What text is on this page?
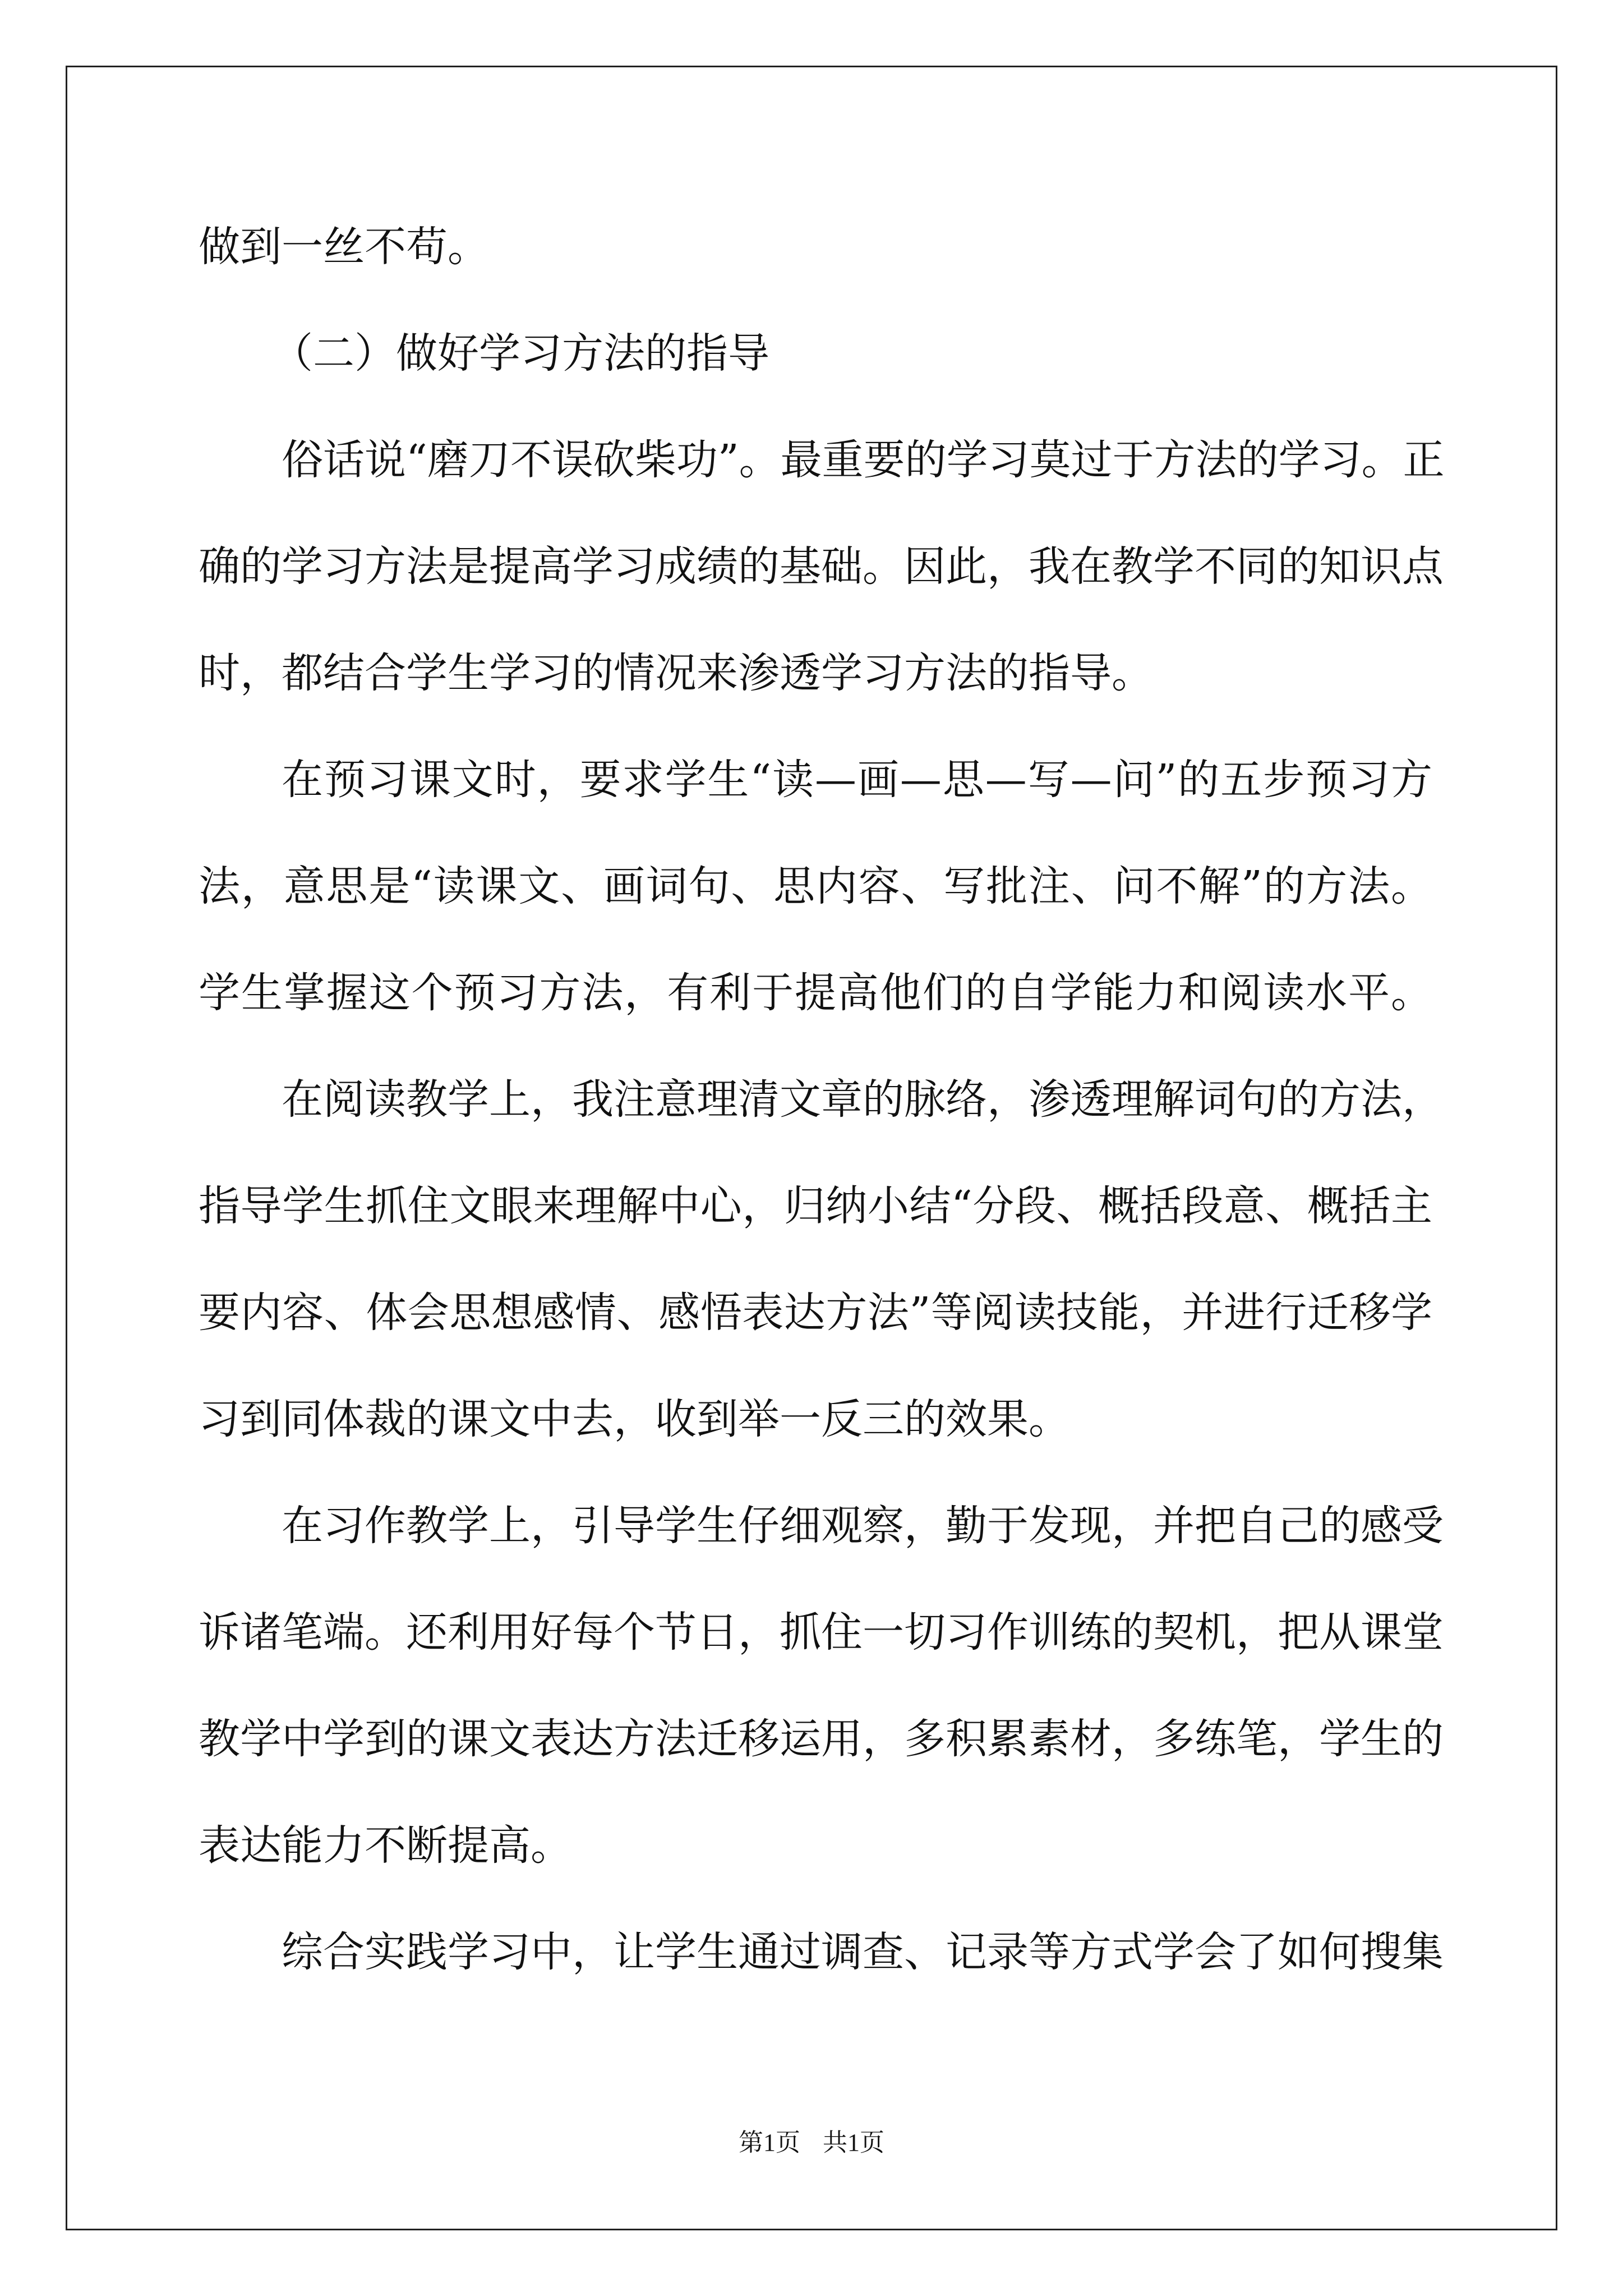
做到一丝不苟。
（二）做好学习方法的指导
俗话说“磨刀不误砍柴功”。最重要的学习莫过于方法的学习。正
确的学习方法是提高学习成绩的基础。因此，我在教学不同的知识点
时，都结合学生学习的情况来渗透学习方法的指导。
在预习课文时，要求学生“读—画—思—写—问”的五步预习方
法，意思是“读课文、画词句、思内容、写批注、问不解”的方法。
学生掌握这个预习方法，有利于提高他们的自学能力和阅读水平。
在阅读教学上，我注意理清文章的脉络，渗透理解词句的方法，
指导学生抓住文眼来理解中心，归纳小结“分段、概括段意、概括主
要内容、体会思想感情、感悟表达方法”等阅读技能，并进行迁移学
习到同体裁的课文中去，收到举一反三的效果。
在习作教学上，引导学生仔细观察，勤于发现，并把自己的感受
诉诸笔端。还利用好每个节日，抓住一切习作训练的契机，把从课堂
教学中学到的课文表达方法迁移运用，多积累素材，多练笔，学生的
表达能力不断提高。
综合实践学习中，让学生通过调查、记录等方式学会了如何搜集
第1页 共1页
